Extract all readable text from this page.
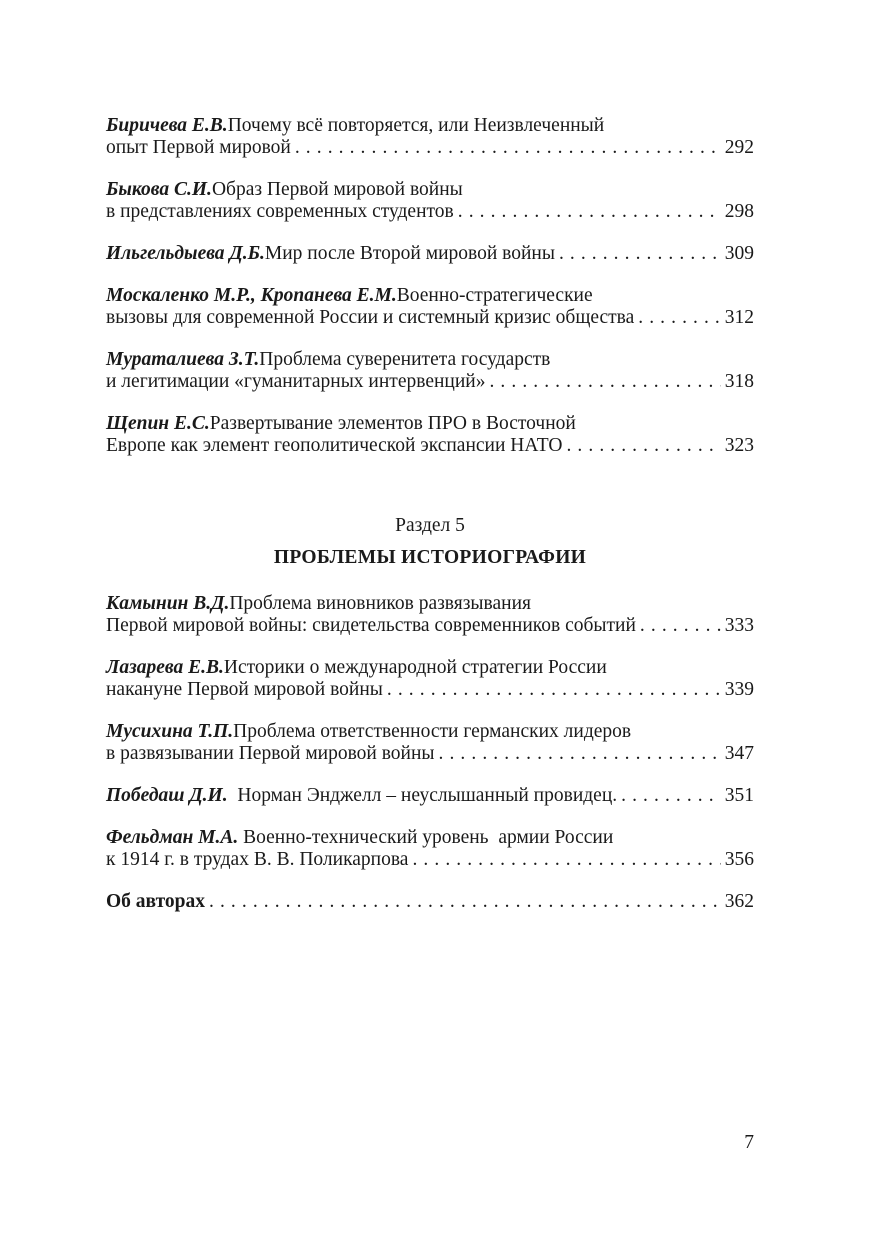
Биричева Е.В. Почему всё повторяется, или Неизвлеченный
опыт Первой мировой . . .	292
Быкова С.И. Образ Первой мировой войны
в представлениях современных студентов . . .	298
Ильгельдыева Д.Б. Мир после Второй мировой войны . . .	309
Москаленко М.Р., Кропанева Е.М. Военно-стратегические
вызовы для современной России и системный кризис общества . . .	312
Мураталиева З.Т. Проблема суверенитета государств
и легитимации «гуманитарных интервенций» . . .	318
Щепин Е.С. Развертывание элементов ПРО в Восточной
Европе как элемент геополитической экспансии НАТО . . .	323
Раздел 5
ПРОБЛЕМЫ ИСТОРИОГРАФИИ
Камынин В.Д. Проблема виновников развязывания
Первой мировой войны: свидетельства современников событий . . .	333
Лазарева Е.В. Историки о международной стратегии России
накануне Первой мировой войны . . .	339
Мусихина Т.П. Проблема ответственности германских лидеров
в развязывании Первой мировой войны . . .	347
Победаш Д.И. Норман Энджелл – неуслышанный провидец. . . .	351
Фельдман М.А. Военно-технический уровень  армии России
к 1914 г. в трудах В. В. Поликарпова . . .	356
Об авторах . . .	362
7
